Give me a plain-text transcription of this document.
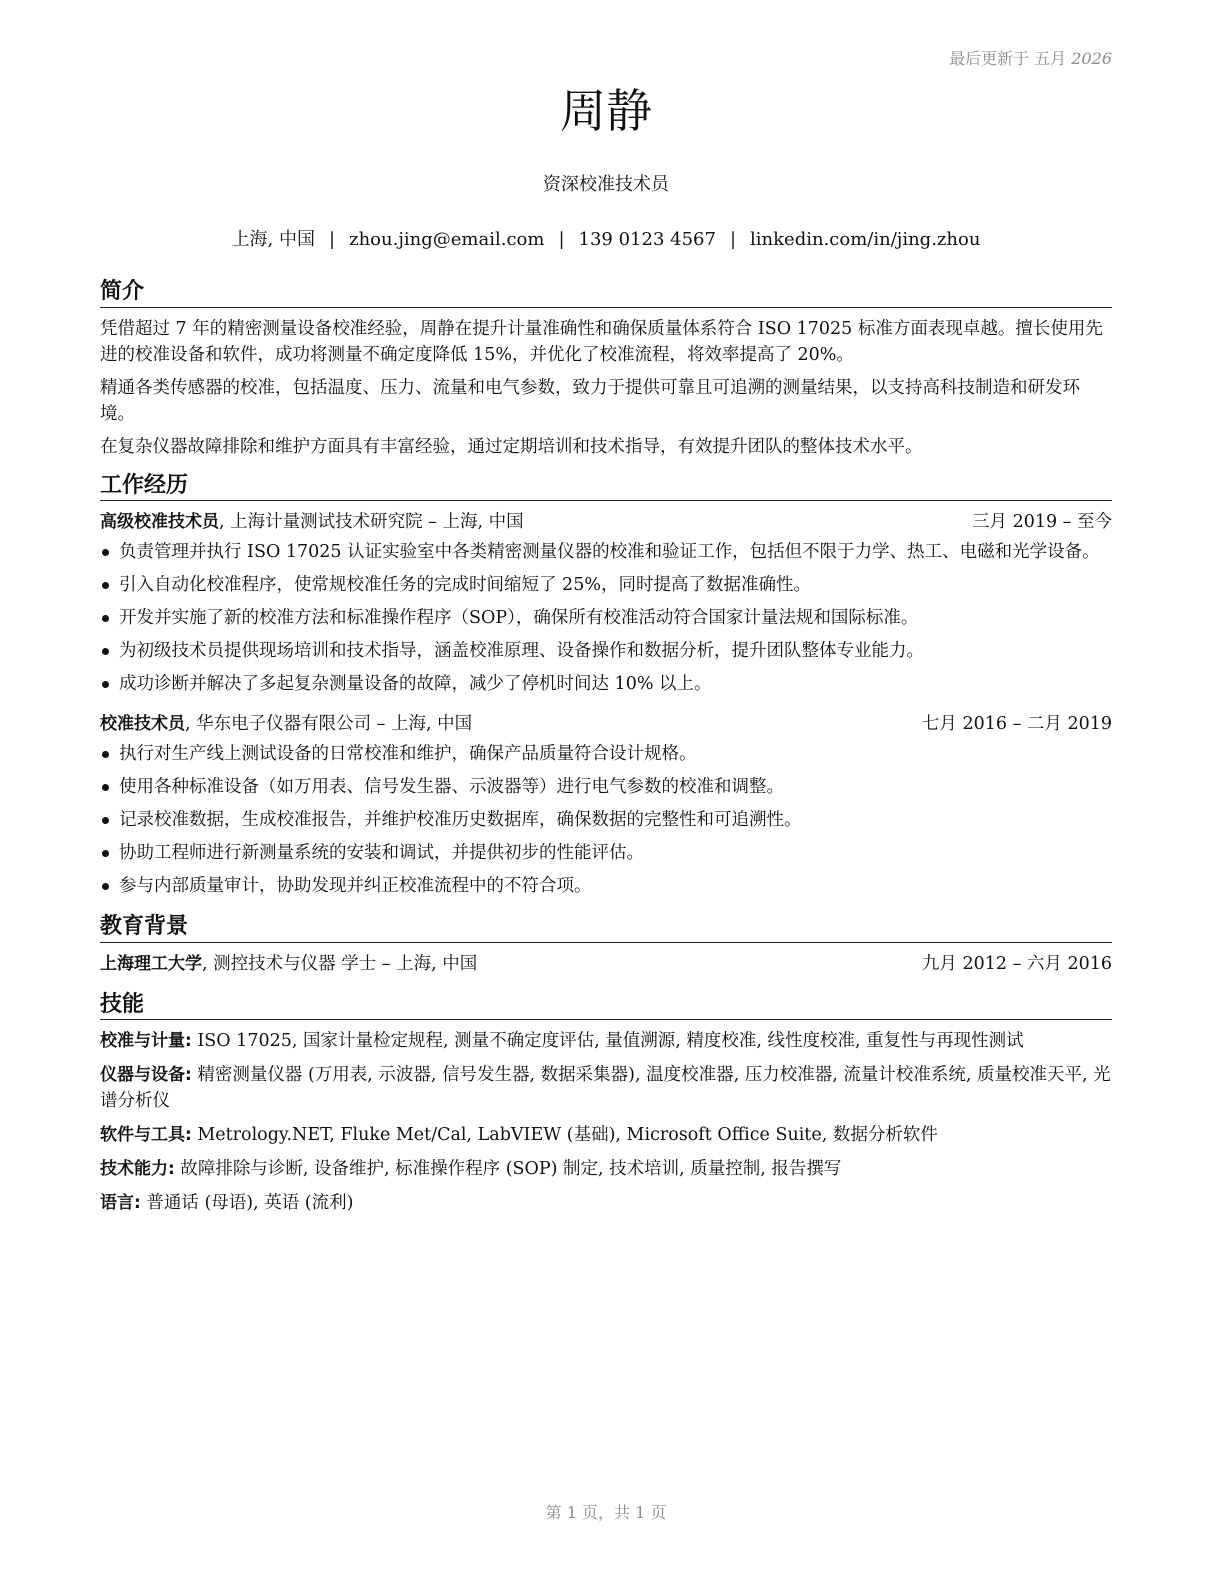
最后更新于 五月 2026
周静
资深校准技术员
上海, 中国 | zhou.jing@email.com | 139 0123 4567 | linkedin.com/in/jing.zhou
简介

凭借超过 7 年的精密测量设备校准经验，周静在提升计量准确性和确保质量体系符合 ISO 17025 标准方面表现卓越。擅长使用先进的校准设备和软件，成功将测量不确定度降低 15%，并优化了校准流程，将效率提高了 20%。

精通各类传感器的校准，包括温度、压力、流量和电气参数，致力于提供可靠且可追溯的测量结果，以支持高科技制造和研发环境。

在复杂仪器故障排除和维护方面具有丰富经验，通过定期培训和技术指导，有效提升团队的整体技术水平。

工作经历
高级校准技术员, 上海计量测试技术研究院 – 上海, 中国	三月 2019 – 至今
负责管理并执行 ISO 17025 认证实验室中各类精密测量仪器的校准和验证工作，包括但不限于力学、热工、电磁和光学设备。
引入自动化校准程序，使常规校准任务的完成时间缩短了 25%，同时提高了数据准确性。
开发并实施了新的校准方法和标准操作程序（SOP），确保所有校准活动符合国家计量法规和国际标准。
为初级技术员提供现场培训和技术指导，涵盖校准原理、设备操作和数据分析，提升团队整体专业能力。
成功诊断并解决了多起复杂测量设备的故障，减少了停机时间达 10% 以上。
校准技术员, 华东电子仪器有限公司 – 上海, 中国	七月 2016 – 二月 2019
执行对生产线上测试设备的日常校准和维护，确保产品质量符合设计规格。
使用各种标准设备（如万用表、信号发生器、示波器等）进行电气参数的校准和调整。
记录校准数据，生成校准报告，并维护校准历史数据库，确保数据的完整性和可追溯性。
协助工程师进行新测量系统的安装和调试，并提供初步的性能评估。
参与内部质量审计，协助发现并纠正校准流程中的不符合项。
教育背景
上海理工大学, 测控技术与仪器 学士 – 上海, 中国	九月 2012 – 六月 2016
技能

校准与计量: ISO 17025, 国家计量检定规程, 测量不确定度评估, 量值溯源, 精度校准, 线性度校准, 重复性与再现性测试

仪器与设备: 精密测量仪器 (万用表, 示波器, 信号发生器, 数据采集器), 温度校准器, 压力校准器, 流量计校准系统, 质量校准天平, 光谱分析仪

软件与工具: Metrology.NET, Fluke Met/Cal, LabVIEW (基础), Microsoft Office Suite, 数据分析软件

技术能力: 故障排除与诊断, 设备维护, 标准操作程序 (SOP) 制定, 技术培训, 质量控制, 报告撰写

语言: 普通话 (母语), 英语 (流利)

第 1 页，共 1 页
